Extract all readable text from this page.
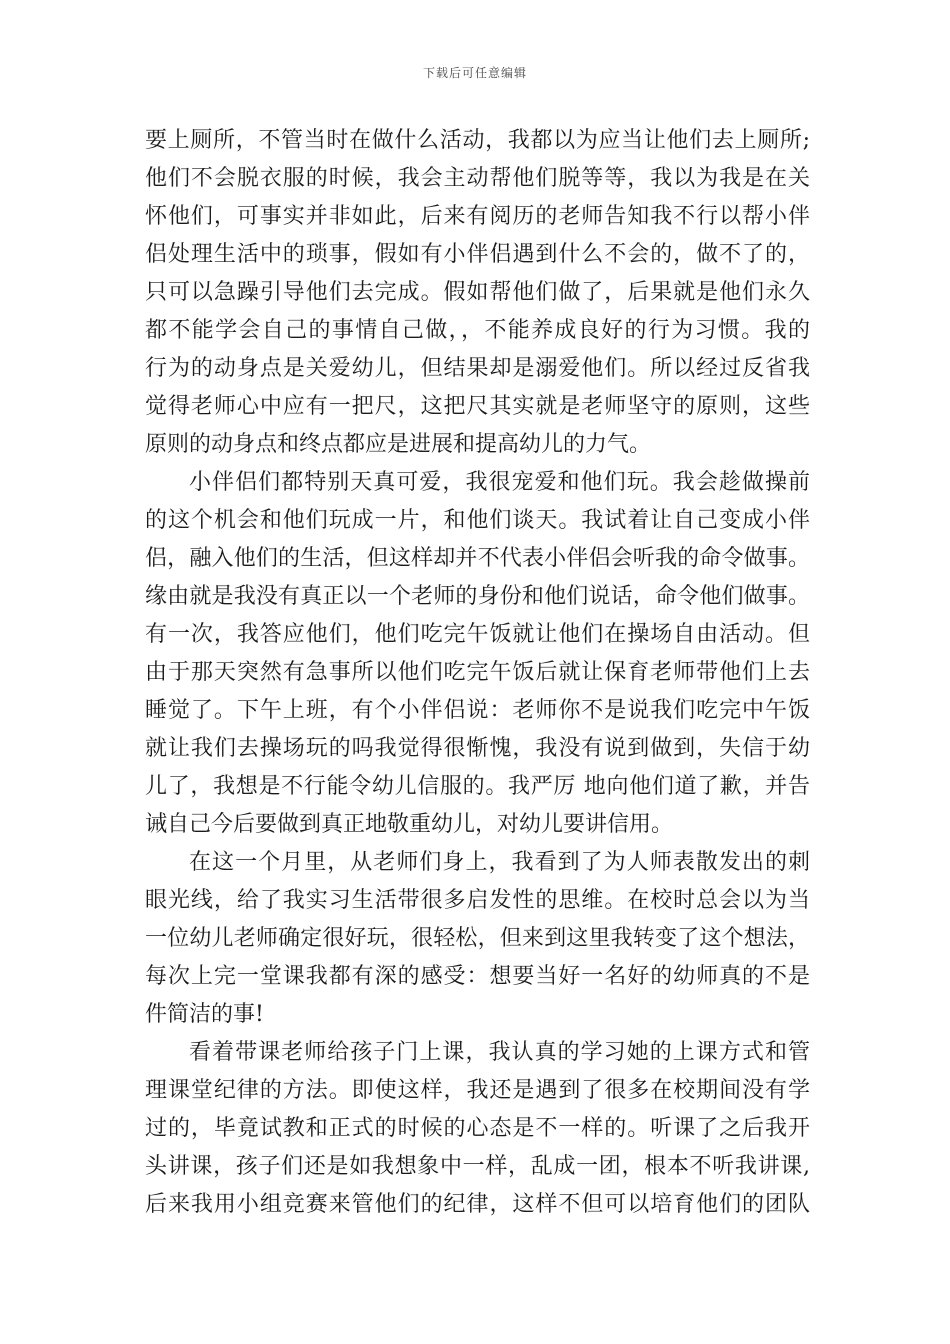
下载后可任意编辑
要上厕所，不管当时在做什么活动，我都以为应当让他们去上厕所;
他们不会脱衣服的时候，我会主动帮他们脱等等，我以为我是在关
怀他们，可事实并非如此，后来有阅历的老师告知我不行以帮小伴
侣处理生活中的琐事，假如有小伴侣遇到什么不会的，做不了的，
只可以急躁引导他们去完成。假如帮他们做了，后果就是他们永久
都不能学会自己的事情自己做，，不能养成良好的行为习惯。我的
行为的动身点是关爱幼儿，但结果却是溺爱他们。所以经过反省我
觉得老师心中应有一把尺，这把尺其实就是老师坚守的原则，这些
原则的动身点和终点都应是进展和提高幼儿的力气。
小伴侣们都特别天真可爱，我很宠爱和他们玩。我会趁做操前
的这个机会和他们玩成一片，和他们谈天。我试着让自己变成小伴
侣，融入他们的生活，但这样却并不代表小伴侣会听我的命令做事。
缘由就是我没有真正以一个老师的身份和他们说话，命令他们做事。
有一次，我答应他们，他们吃完午饭就让他们在操场自由活动。但
由于那天突然有急事所以他们吃完午饭后就让保育老师带他们上去
睡觉了。下午上班，有个小伴侣说：老师你不是说我们吃完中午饭
就让我们去操场玩的吗我觉得很惭愧，我没有说到做到，失信于幼
儿了，我想是不行能令幼儿信服的。我严厉 地向他们道了歉，并告
诫自己今后要做到真正地敬重幼儿，对幼儿要讲信用。
在这一个月里，从老师们身上，我看到了为人师表散发出的刺
眼光线，给了我实习生活带很多启发性的思维。在校时总会以为当
一位幼儿老师确定很好玩，很轻松，但来到这里我转变了这个想法，
每次上完一堂课我都有深的感受：想要当好一名好的幼师真的不是
件简洁的事!
看着带课老师给孩子门上课，我认真的学习她的上课方式和管
理课堂纪律的方法。即使这样，我还是遇到了很多在校期间没有学
过的，毕竟试教和正式的时候的心态是不一样的。听课了之后我开
头讲课，孩子们还是如我想象中一样，乱成一团，根本不听我讲课,
后来我用小组竞赛来管他们的纪律，这样不但可以培育他们的团队
